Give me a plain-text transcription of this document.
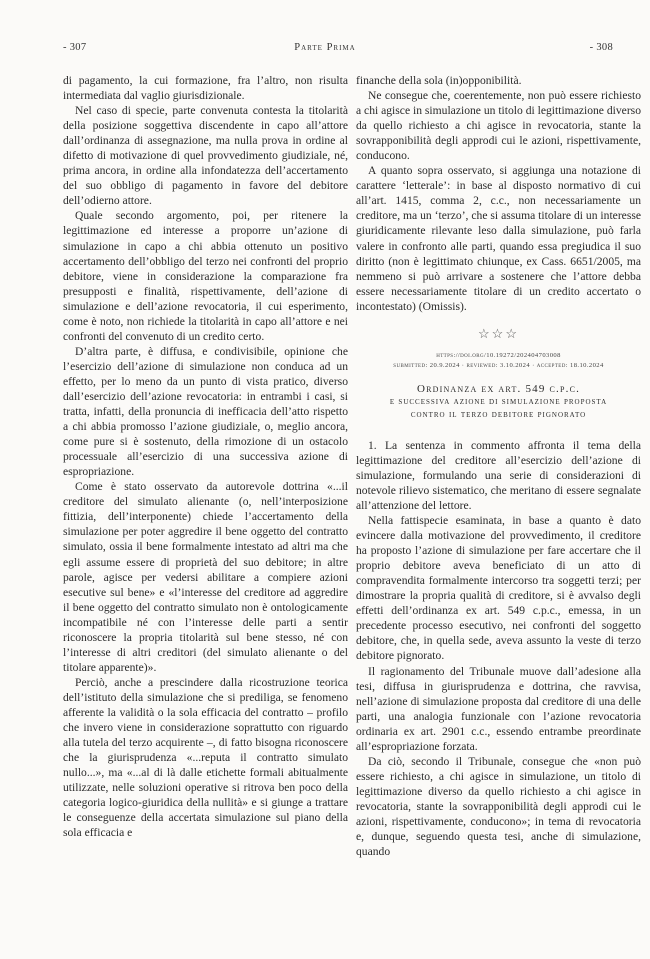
- 307	Parte Prima	- 308

di pagamento, la cui formazione, fra l’altro, non risulta intermediata dal vaglio giurisdizionale.

Nel caso di specie, parte convenuta contesta la titolarità della posizione soggettiva discendente in capo all’attore dall’ordinanza di assegnazione, ma nulla prova in ordine al difetto di motivazione di quel provvedimento giudiziale, né, prima ancora, in ordine alla infondatezza dell’accertamento del suo obbligo di pagamento in favore del debitore dell’odierno attore.

Quale secondo argomento, poi, per ritenere la legittimazione ed interesse a proporre un’azione di simulazione in capo a chi abbia ottenuto un positivo accertamento dell’obbligo del terzo nei confronti del proprio debitore, viene in considerazione la comparazione fra presupposti e finalità, rispettivamente, dell’azione di simulazione e dell’azione revocatoria, il cui esperimento, come è noto, non richiede la titolarità in capo all’attore e nei confronti del convenuto di un credito certo.

D’altra parte, è diffusa, e condivisibile, opinione che l’esercizio dell’azione di simulazione non conduca ad un effetto, per lo meno da un punto di vista pratico, diverso dall’esercizio dell’azione revocatoria: in entrambi i casi, si tratta, infatti, della pronuncia di inefficacia dell’atto rispetto a chi abbia promosso l’azione giudiziale, o, meglio ancora, come pure si è sostenuto, della rimozione di un ostacolo processuale all’esercizio di una successiva azione di espropriazione.

Come è stato osservato da autorevole dottrina «...il creditore del simulato alienante (o, nell’interposizione fittizia, dell’interponente) chiede l’accertamento della simulazione per poter aggredire il bene oggetto del contratto simulato, ossia il bene formalmente intestato ad altri ma che egli assume essere di proprietà del suo debitore; in altre parole, agisce per vedersi abilitare a compiere azioni esecutive sul bene» e «l’interesse del creditore ad aggredire il bene oggetto del contratto simulato non è ontologicamente incompatibile né con l’interesse delle parti a sentir riconoscere la propria titolarità sul bene stesso, né con l’interesse di altri creditori (del simulato alienante o del titolare apparente)».

Perciò, anche a prescindere dalla ricostruzione teorica dell’istituto della simulazione che si prediliga, se fenomeno afferente la validità o la sola efficacia del contratto – profilo che invero viene in considerazione soprattutto con riguardo alla tutela del terzo acquirente –, di fatto bisogna riconoscere che la giurisprudenza «...reputa il contratto simulato nullo...», ma «...al di là dalle etichette formali abitualmente utilizzate, nelle soluzioni operative si ritrova ben poco della categoria logico-giuridica della nullità» e si giunge a trattare le conseguenze della accertata simulazione sul piano della sola efficacia e

finanche della sola (in)opponibilità.

Ne consegue che, coerentemente, non può essere richiesto a chi agisce in simulazione un titolo di legittimazione diverso da quello richiesto a chi agisce in revocatoria, stante la sovrapponibilità degli approdi cui le azioni, rispettivamente, conducono.

A quanto sopra osservato, si aggiunga una notazione di carattere ‘letterale’: in base al disposto normativo di cui all’art. 1415, comma 2, c.c., non necessariamente un creditore, ma un ‘terzo’, che si assuma titolare di un interesse giuridicamente rilevante leso dalla simulazione, può farla valere in confronto alle parti, quando essa pregiudica il suo diritto (non è legittimato chiunque, ex Cass. 6651/2005, ma nemmeno si può arrivare a sostenere che l’attore debba essere necessariamente titolare di un credito accertato o incontestato) (Omissis).

☆☆☆
https://doi.org/10.19272/202404703008
submitted: 20.9.2024 · reviewed: 3.10.2024 · accepted: 18.10.2024
Ordinanza ex art. 549 c.p.c.
e successiva azione di simulazione proposta
contro il terzo debitore pignorato

1. La sentenza in commento affronta il tema della legittimazione del creditore all’esercizio dell’azione di simulazione, formulando una serie di considerazioni di notevole rilievo sistematico, che meritano di essere segnalate all’attenzione del lettore.

Nella fattispecie esaminata, in base a quanto è dato evincere dalla motivazione del provvedimento, il creditore ha proposto l’azione di simulazione per fare accertare che il proprio debitore aveva beneficiato di un atto di compravendita formalmente intercorso tra soggetti terzi; per dimostrare la propria qualità di creditore, si è avvalso degli effetti dell’ordinanza ex art. 549 c.p.c., emessa, in un precedente processo esecutivo, nei confronti del soggetto debitore, che, in quella sede, aveva assunto la veste di terzo debitore pignorato.

Il ragionamento del Tribunale muove dall’adesione alla tesi, diffusa in giurisprudenza e dottrina, che ravvisa, nell’azione di simulazione proposta dal creditore di una delle parti, una analogia funzionale con l’azione revocatoria ordinaria ex art. 2901 c.c., essendo entrambe preordinate all’espropriazione forzata.

Da ciò, secondo il Tribunale, consegue che «non può essere richiesto, a chi agisce in simulazione, un titolo di legittimazione diverso da quello richiesto a chi agisce in revocatoria, stante la sovrapponibilità degli approdi cui le azioni, rispettivamente, conducono»; in tema di revocatoria e, dunque, seguendo questa tesi, anche di simulazione, quando
